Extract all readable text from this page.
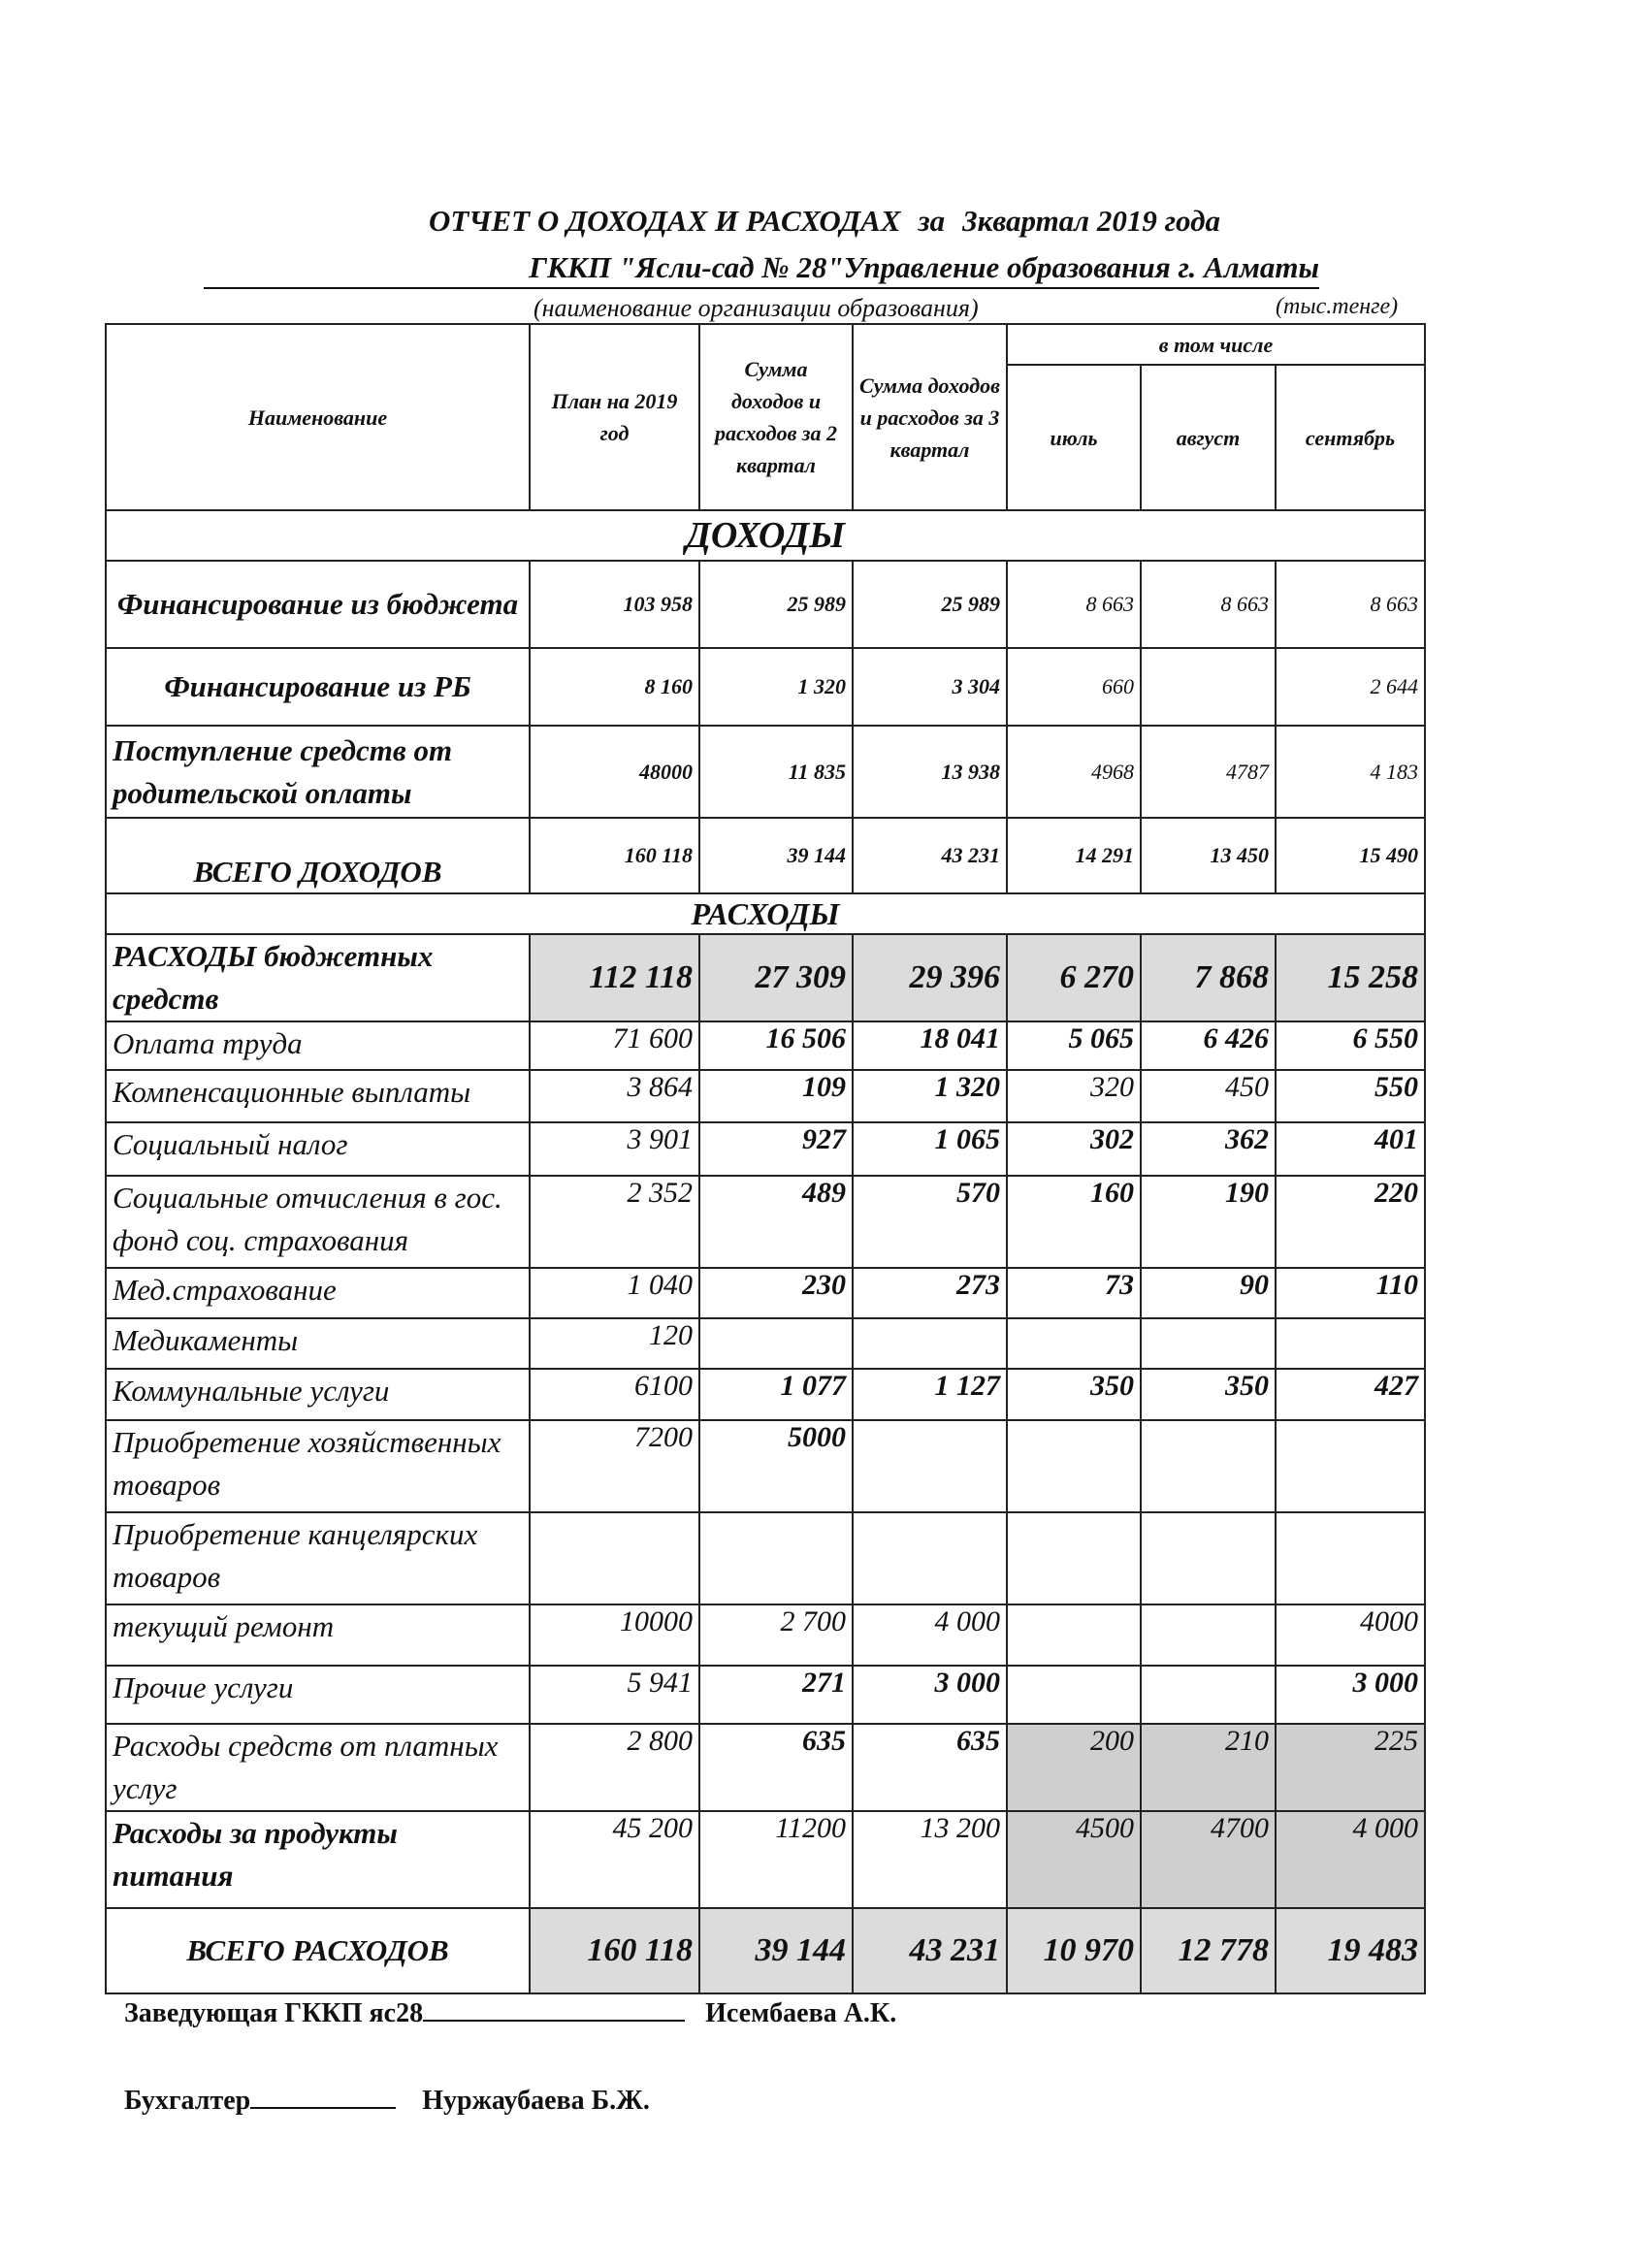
ОТЧЕТ О ДОХОДАХ И РАСХОДАХ за 3квартал 2019 года
ГККП "Ясли-сад № 28"Управление образования г. Алматы
(наименование организации образования)	(тыс.тенге)
Наименование	План на 2019 год	Сумма доходов и расходов за 2 квартал	Сумма доходов и расходов за 3 квартал	в том числе		
				июль	август	сентябрь
ДОХОДЫ						
Финансирование из бюджета	103 958	25 989	25 989	8 663	8 663	8 663
Финансирование из РБ	8 160	1 320	3 304	660		2 644
Поступление средств от родительской оплаты	48000	11 835	13 938	4968	4787	4 183
ВСЕГО ДОХОДОВ	160 118	39 144	43 231	14 291	13 450	15 490
РАСХОДЫ						
РАСХОДЫ бюджетных средств	112 118	27 309	29 396	6 270	7 868	15 258
Оплата труда	71 600	16 506	18 041	5 065	6 426	6 550
Компенсационные выплаты	3 864	109	1 320	320	450	550
Социальный налог	3 901	927	1 065	302	362	401
Социальные отчисления в гос. фонд соц. страхования	2 352	489	570	160	190	220
Мед.страхование	1 040	230	273	73	90	110
Медикаменты	120					
Коммунальные услуги	6100	1 077	1 127	350	350	427
Приобретение хозяйственных товаров	7200	5000				
Приобретение канцелярских товаров						
текущий ремонт	10000	2 700	4 000			4000
Прочие услуги	5 941	271	3 000			3 000
Расходы средств от платных услуг	2 800	635	635	200	210	225
Расходы за продукты питания	45 200	11200	13 200	4500	4700	4 000
ВСЕГО РАСХОДОВ	160 118	39 144	43 231	10 970	12 778	19 483
Заведующая ГККП яс28	Исембаева А.К.
Бухгалтер	Нуржаубаева Б.Ж.
